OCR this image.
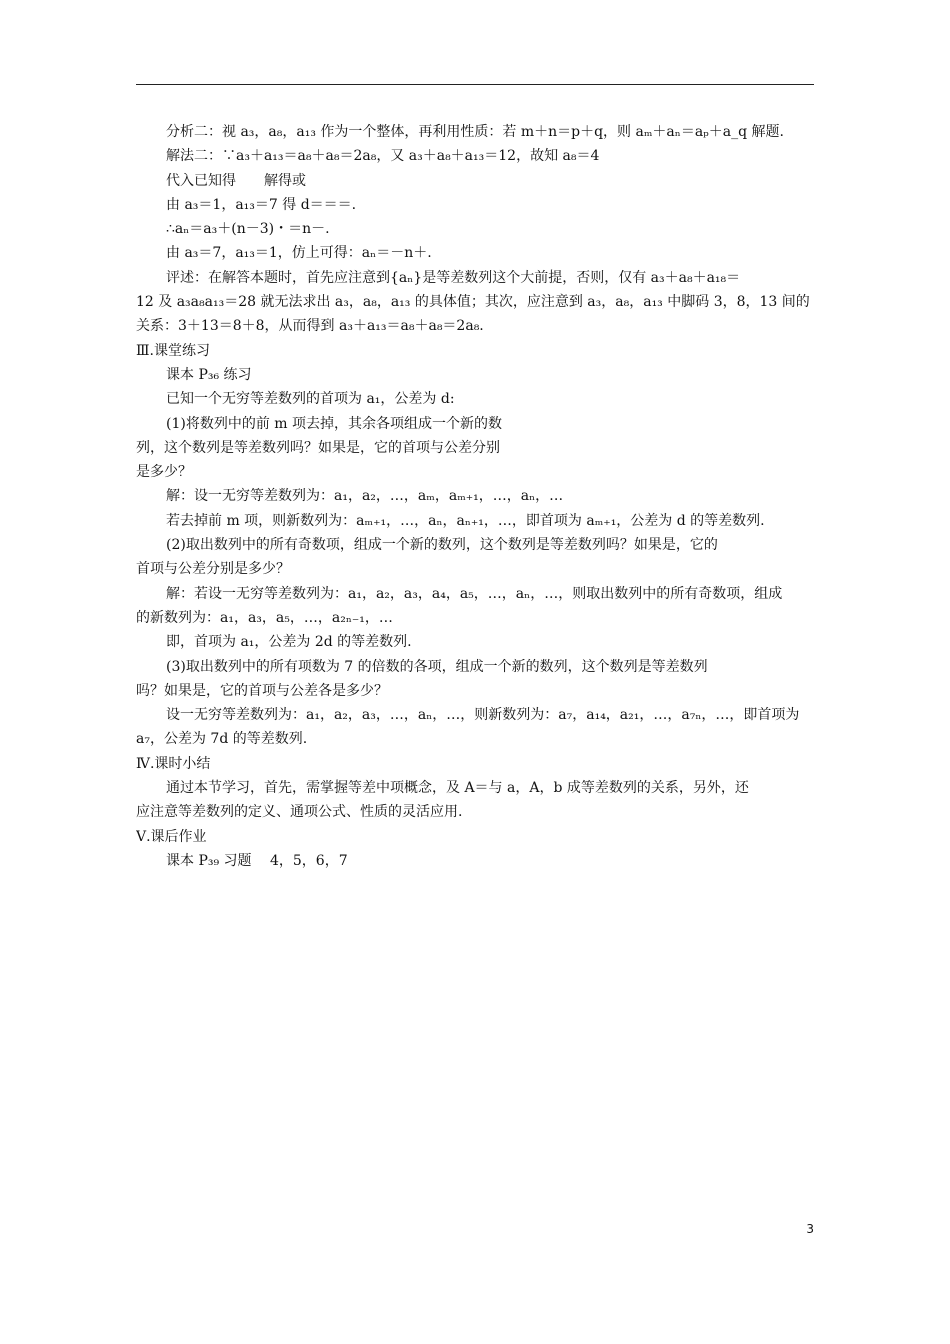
分析二：视 a₃，a₈，a₁₃ 作为一个整体，再利用性质：若 m＋n＝p＋q，则 aₘ＋aₙ＝aₚ＋a_q 解题.
解法二：∵a₃＋a₁₃＝a₈＋a₈＝2a₈，又 a₃＋a₈＋a₁₃＝12，故知 a₈＝4
代入已知得　　解得或
由 a₃＝1，a₁₃＝7 得 d＝＝＝.
∴aₙ＝a₃＋(n－3)・＝n－.
由 a₃＝7，a₁₃＝1，仿上可得：aₙ＝－n＋.
评述：在解答本题时，首先应注意到{aₙ}是等差数列这个大前提，否则，仅有 a₃＋a₈＋a₁₈＝
12 及 a₃a₈a₁₃＝28 就无法求出 a₃，a₈，a₁₃ 的具体值；其次，应注意到 a₃，a₈，a₁₃ 中脚码 3，8，13 间的
关系：3＋13＝8＋8，从而得到 a₃＋a₁₃＝a₈＋a₈＝2a₈.
Ⅲ.课堂练习
课本 P₃₆ 练习
已知一个无穷等差数列的首项为 a₁，公差为 d:
(1)将数列中的前 m 项去掉，其余各项组成一个新的数
列，这个数列是等差数列吗？如果是，它的首项与公差分别
是多少？
解：设一无穷等差数列为：a₁，a₂，…，aₘ，aₘ₊₁，…，aₙ，…
若去掉前 m 项，则新数列为：aₘ₊₁，…，aₙ，aₙ₊₁，…，即首项为 aₘ₊₁，公差为 d 的等差数列.
(2)取出数列中的所有奇数项，组成一个新的数列，这个数列是等差数列吗？如果是，它的
首项与公差分别是多少？
解：若设一无穷等差数列为：a₁，a₂，a₃，a₄，a₅，…，aₙ，…，则取出数列中的所有奇数项，组成
的新数列为：a₁，a₃，a₅，…，a₂ₙ₋₁，…
即，首项为 a₁，公差为 2d 的等差数列.
(3)取出数列中的所有项数为 7 的倍数的各项，组成一个新的数列，这个数列是等差数列
吗？如果是，它的首项与公差各是多少？
设一无穷等差数列为：a₁，a₂，a₃，…，aₙ，…，则新数列为：a₇，a₁₄，a₂₁，…，a₇ₙ，…，即首项为
a₇，公差为 7d 的等差数列.
Ⅳ.课时小结
通过本节学习，首先，需掌握等差中项概念，及 A＝与 a，A，b 成等差数列的关系，另外，还
应注意等差数列的定义、通项公式、性质的灵活应用.
Ⅴ.课后作业
课本 P₃₉ 习题　 4，5，6，7
3
